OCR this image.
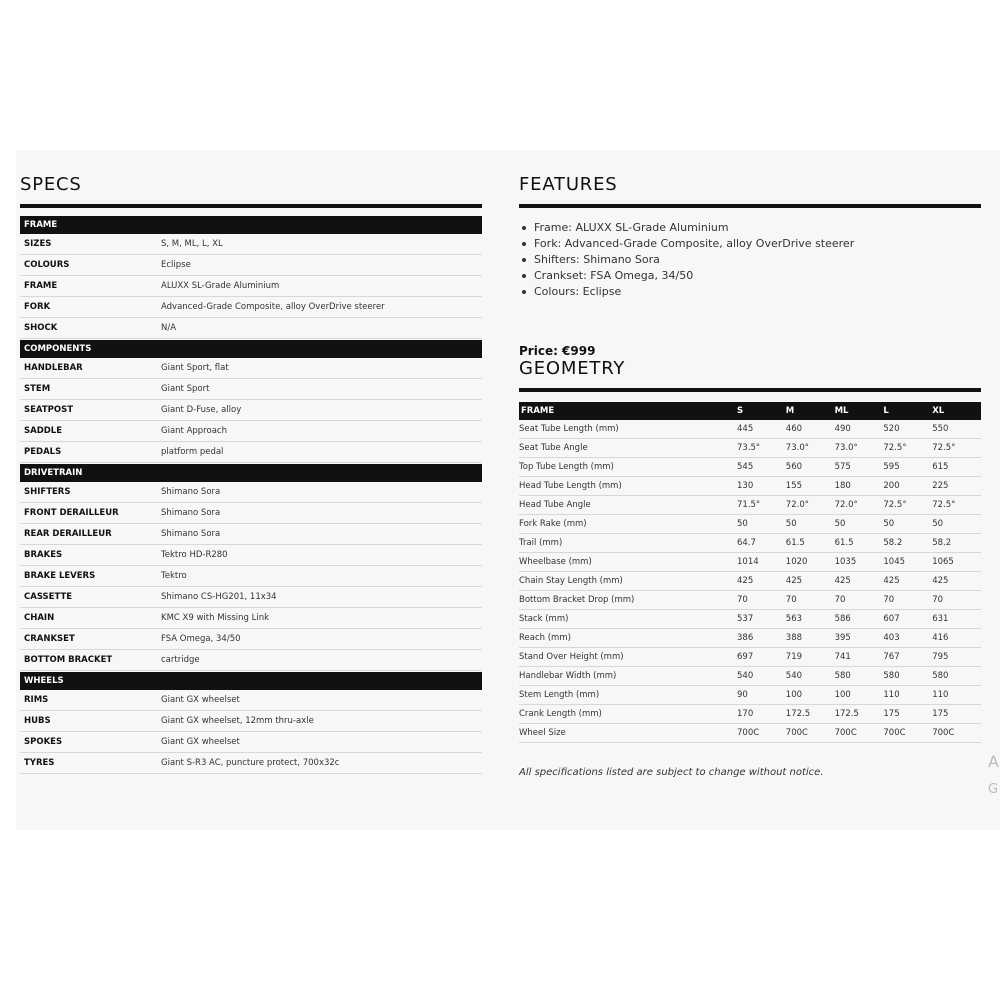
SPECS
FRAME
SIZES	S, M, ML, L, XL
COLOURS	Eclipse
FRAME	ALUXX SL-Grade Aluminium
FORK	Advanced-Grade Composite, alloy OverDrive steerer
SHOCK	N/A
COMPONENTS
HANDLEBAR	Giant Sport, flat
STEM	Giant Sport
SEATPOST	Giant D-Fuse, alloy
SADDLE	Giant Approach
PEDALS	platform pedal
DRIVETRAIN
SHIFTERS	Shimano Sora
FRONT DERAILLEUR	Shimano Sora
REAR DERAILLEUR	Shimano Sora
BRAKES	Tektro HD-R280
BRAKE LEVERS	Tektro
CASSETTE	Shimano CS-HG201, 11x34
CHAIN	KMC X9 with Missing Link
CRANKSET	FSA Omega, 34/50
BOTTOM BRACKET	cartridge
WHEELS
RIMS	Giant GX wheelset
HUBS	Giant GX wheelset, 12mm thru-axle
SPOKES	Giant GX wheelset
TYRES	Giant S-R3 AC, puncture protect, 700x32c
FEATURES
Frame: ALUXX SL-Grade Aluminium
Fork: Advanced-Grade Composite, alloy OverDrive steerer
Shifters: Shimano Sora
Crankset: FSA Omega, 34/50
Colours: Eclipse
Price: €999
GEOMETRY
FRAME	S	M	ML	L	XL
Seat Tube Length (mm)	445	460	490	520	550
Seat Tube Angle	73.5°	73.0°	73.0°	72.5°	72.5°
Top Tube Length (mm)	545	560	575	595	615
Head Tube Length (mm)	130	155	180	200	225
Head Tube Angle	71.5°	72.0°	72.0°	72.5°	72.5°
Fork Rake (mm)	50	50	50	50	50
Trail (mm)	64.7	61.5	61.5	58.2	58.2
Wheelbase (mm)	1014	1020	1035	1045	1065
Chain Stay Length (mm)	425	425	425	425	425
Bottom Bracket Drop (mm)	70	70	70	70	70
Stack (mm)	537	563	586	607	631
Reach (mm)	386	388	395	403	416
Stand Over Height (mm)	697	719	741	767	795
Handlebar Width (mm)	540	540	580	580	580
Stem Length (mm)	90	100	100	110	110
Crank Length (mm)	170	172.5	172.5	175	175
Wheel Size	700C	700C	700C	700C	700C
All specifications listed are subject to change without notice.
A
G
